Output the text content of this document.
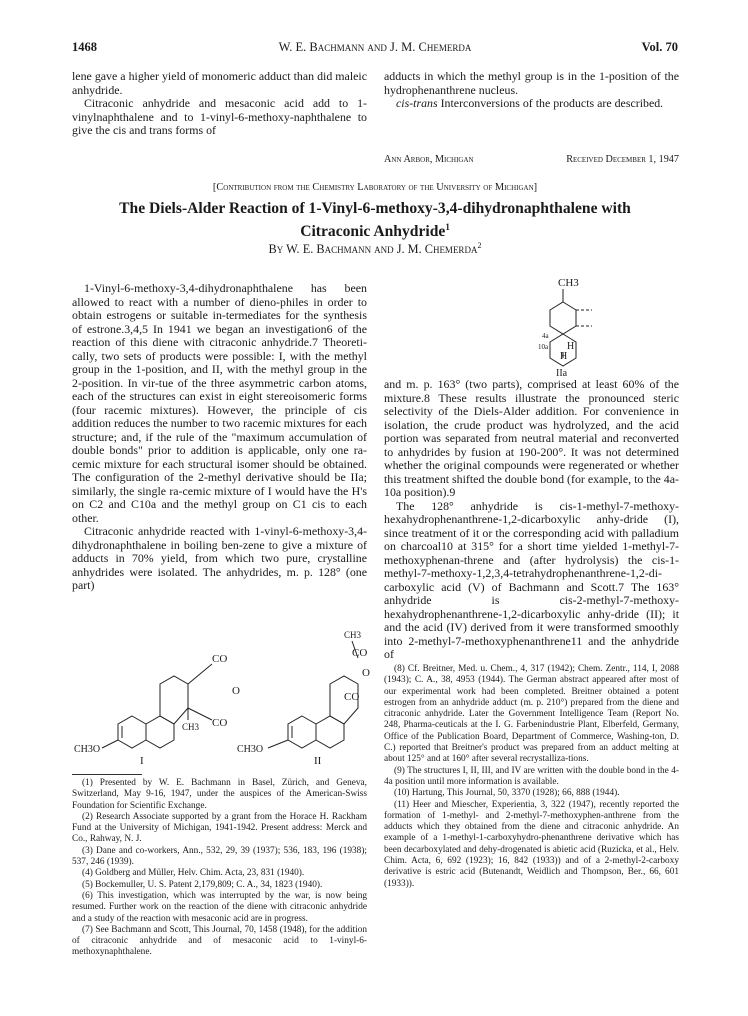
W. E. Bachmann and J. M. Chemerda
1468	Vol. 70

lene gave a higher yield of monomeric adduct than did maleic anhydride.

Citraconic anhydride and mesaconic acid add to 1-vinylnaphthalene and to 1-vinyl-6-methoxy-naphthalene to give the cis and trans forms of

adducts in which the methyl group is in the 1-position of the hydrophenanthrene nucleus.

cis-trans Interconversions of the products are described.

Ann Arbor, Michigan	Received December 1, 1947
[Contribution from the Chemistry Laboratory of the University of Michigan]
The Diels-Alder Reaction of 1-Vinyl-6-methoxy-3,4-dihydronaphthalene with
Citraconic Anhydride$^1$
By W. E. Bachmann and J. M. Chemerda$^2$

1-Vinyl-6-methoxy-3,4-dihydronaphthalene has been allowed to react with a number of dieno-philes in order to obtain estrogens or suitable in-termediates for the synthesis of estrone.3,4,5 In 1941 we began an investigation6 of the reaction of this diene with citraconic anhydride.7 Theoreti-cally, two sets of products were possible: I, with the methyl group in the 1-position, and II, with the methyl group in the 2-position. In vir-tue of the three asymmetric carbon atoms, each of the structures can exist in eight stereoisomeric forms (four racemic mixtures). However, the principle of cis addition reduces the number to two racemic mixtures for each structure; and, if the rule of the "maximum accumulation of double bonds" prior to addition is applicable, only one ra-cemic mixture for each structural isomer should be obtained. The configuration of the 2-methyl derivative should be IIa; similarly, the single ra-cemic mixture of I would have the H's on C2 and C10a and the methyl group on C1 cis to each other.

Citraconic anhydride reacted with 1-vinyl-6-methoxy-3,4-dihydronaphthalene in boiling ben-zene to give a mixture of adducts in 70% yield, from which two pure, crystalline anhydrides were isolated. The anhydrides, m. p. 128° (one part)

CH3
4a
10a H
H
IIa

and m. p. 163° (two parts), comprised at least 60% of the mixture.8 These results illustrate the pronounced steric selectivity of the Diels-Alder addition. For convenience in isolation, the crude product was hydrolyzed, and the acid portion was separated from neutral material and reconverted to anhydrides by fusion at 190-200°. It was not determined whether the original compounds were regenerated or whether this treatment shifted the double bond (for example, to the 4a-10a position).9

The 128° anhydride is cis-1-methyl-7-methoxy-hexahydrophenanthrene-1,2-dicarboxylic anhy-dride (I), since treatment of it or the corresponding acid with palladium on charcoal10 at 315° for a short time yielded 1-methyl-7-methoxyphenan-threne and (after hydrolysis) the cis-1-methyl-7-methoxy-1,2,3,4-tetrahydrophenanthrene-1,2-di-carboxylic acid (V) of Bachmann and Scott.7 The 163° anhydride is cis-2-methyl-7-methoxy-hexahydrophenanthrene-1,2-dicarboxylic anhy-dride (II); it and the acid (IV) derived from it were transformed smoothly into 2-methyl-7-methoxyphenanthrene11 and the anhydride of

CO
O
CO
CH3
CH3O
I
CH3
CO
O
CO
CH3O
II

(1) Presented by W. E. Bachmann in Basel, Zürich, and Geneva, Switzerland, May 9-16, 1947, under the auspices of the American-Swiss Foundation for Scientific Exchange.

(2) Research Associate supported by a grant from the Horace H. Rackham Fund at the University of Michigan, 1941-1942. Present address: Merck and Co., Rahway, N. J.

(3) Dane and co-workers, Ann., 532, 29, 39 (1937); 536, 183, 196 (1938); 537, 246 (1939).

(4) Goldberg and Müller, Helv. Chim. Acta, 23, 831 (1940).

(5) Bockemuller, U. S. Patent 2,179,809; C. A., 34, 1823 (1940).

(6) This investigation, which was interrupted by the war, is now being resumed. Further work on the reaction of the diene with citraconic anhydride and a study of the reaction with mesaconic acid are in progress.

(7) See Bachmann and Scott, This Journal, 70, 1458 (1948), for the addition of citraconic anhydride and of mesaconic acid to 1-vinyl-6-methoxynaphthalene.

(8) Cf. Breitner, Med. u. Chem., 4, 317 (1942); Chem. Zentr., 114, I, 2088 (1943); C. A., 38, 4953 (1944). The German abstract appeared after most of our experimental work had been completed. Breitner obtained a potent estrogen from an anhydride adduct (m. p. 210°) prepared from the diene and citraconic anhydride. Later the Government Intelligence Team (Report No. 248, Pharma-ceuticals at the I. G. Farbenindustrie Plant, Elberfeld, Germany, Office of the Publication Board, Department of Commerce, Washing-ton, D. C.) reported that Breitner's product was prepared from an adduct melting at about 125° and at 160° after several recrystalliza-tions.

(9) The structures I, II, III, and IV are written with the double bond in the 4-4a position until more information is available.

(10) Hartung, This Journal, 50, 3370 (1928); 66, 888 (1944).

(11) Heer and Miescher, Experientia, 3, 322 (1947), recently reported the formation of 1-methyl- and 2-methyl-7-methoxyphen-anthrene from the adducts which they obtained from the diene and citraconic anhydride. An example of a 1-methyl-1-carboxyhydro-phenanthrene derivative which has been decarboxylated and dehy-drogenated is abietic acid (Ruzicka, et al., Helv. Chim. Acta, 6, 692 (1923); 16, 842 (1933)) and of a 2-methyl-2-carboxy derivative is estric acid (Butenandt, Weidlich and Thompson, Ber., 66, 601 (1933)).
